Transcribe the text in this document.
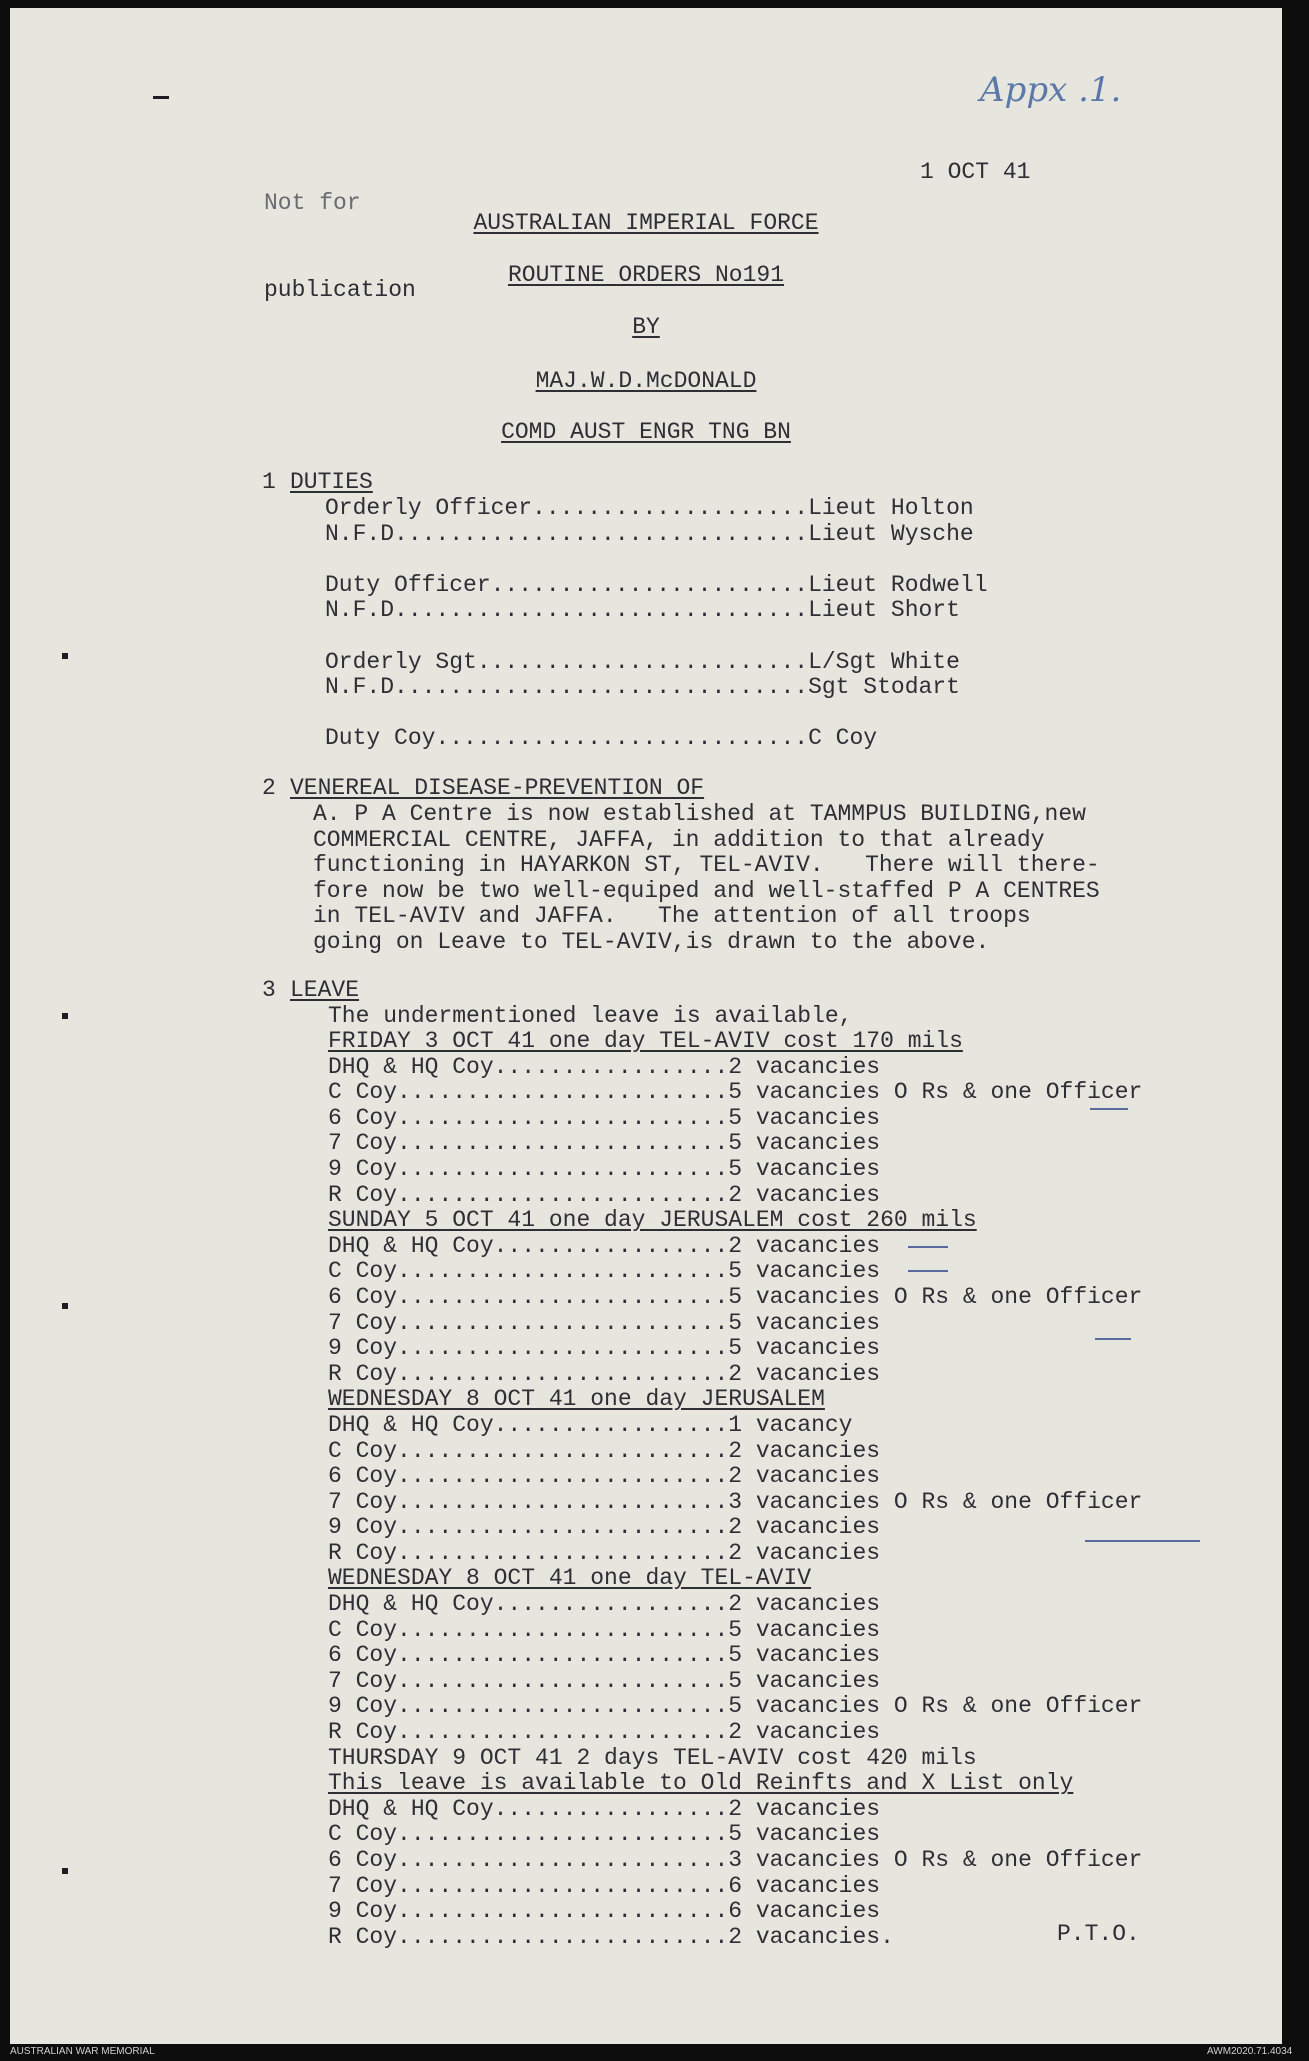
Appx .1.

Not for

publication

1 OCT 41
AUSTRALIAN IMPERIAL FORCE
ROUTINE ORDERS No191
BY
MAJ.W.D.McDONALD
COMD AUST ENGR TNG BN
1 DUTIES
Orderly Officer....................Lieut Holton
N.F.D..............................Lieut Wysche

Duty Officer.......................Lieut Rodwell
N.F.D..............................Lieut Short

Orderly Sgt........................L/Sgt White
N.F.D..............................Sgt Stodart

Duty Coy...........................C Coy
2 VENEREAL DISEASE-PREVENTION OF
A. P A Centre is now established at TAMMPUS BUILDING,new
COMMERCIAL CENTRE, JAFFA, in addition to that already
functioning in HAYARKON ST, TEL-AVIV.   There will there-
fore now be two well-equiped and well-staffed P A CENTRES
in TEL-AVIV and JAFFA.   The attention of all troops
going on Leave to TEL-AVIV,is drawn to the above.
3 LEAVE
The undermentioned leave is available,
FRIDAY 3 OCT 41 one day TEL-AVIV cost 170 mils
DHQ & HQ Coy.................2 vacancies
C Coy........................5 vacancies O Rs & one Officer
6 Coy........................5 vacancies
7 Coy........................5 vacancies
9 Coy........................5 vacancies
R Coy........................2 vacancies
SUNDAY 5 OCT 41 one day JERUSALEM cost 260 mils
DHQ & HQ Coy.................2 vacancies
C Coy........................5 vacancies
6 Coy........................5 vacancies O Rs & one Officer
7 Coy........................5 vacancies
9 Coy........................5 vacancies
R Coy........................2 vacancies
WEDNESDAY 8 OCT 41 one day JERUSALEM
DHQ & HQ Coy.................1 vacancy
C Coy........................2 vacancies
6 Coy........................2 vacancies
7 Coy........................3 vacancies O Rs & one Officer
9 Coy........................2 vacancies
R Coy........................2 vacancies
WEDNESDAY 8 OCT 41 one day TEL-AVIV
DHQ & HQ Coy.................2 vacancies
C Coy........................5 vacancies
6 Coy........................5 vacancies
7 Coy........................5 vacancies
9 Coy........................5 vacancies O Rs & one Officer
R Coy........................2 vacancies
THURSDAY 9 OCT 41 2 days TEL-AVIV cost 420 mils
This leave is available to Old Reinfts and X List only
DHQ & HQ Coy.................2 vacancies
C Coy........................5 vacancies
6 Coy........................3 vacancies O Rs & one Officer
7 Coy........................6 vacancies
9 Coy........................6 vacancies
R Coy........................2 vacancies.	P.T.O.
AUSTRALIAN WAR MEMORIAL	AWM2020.71.4034
